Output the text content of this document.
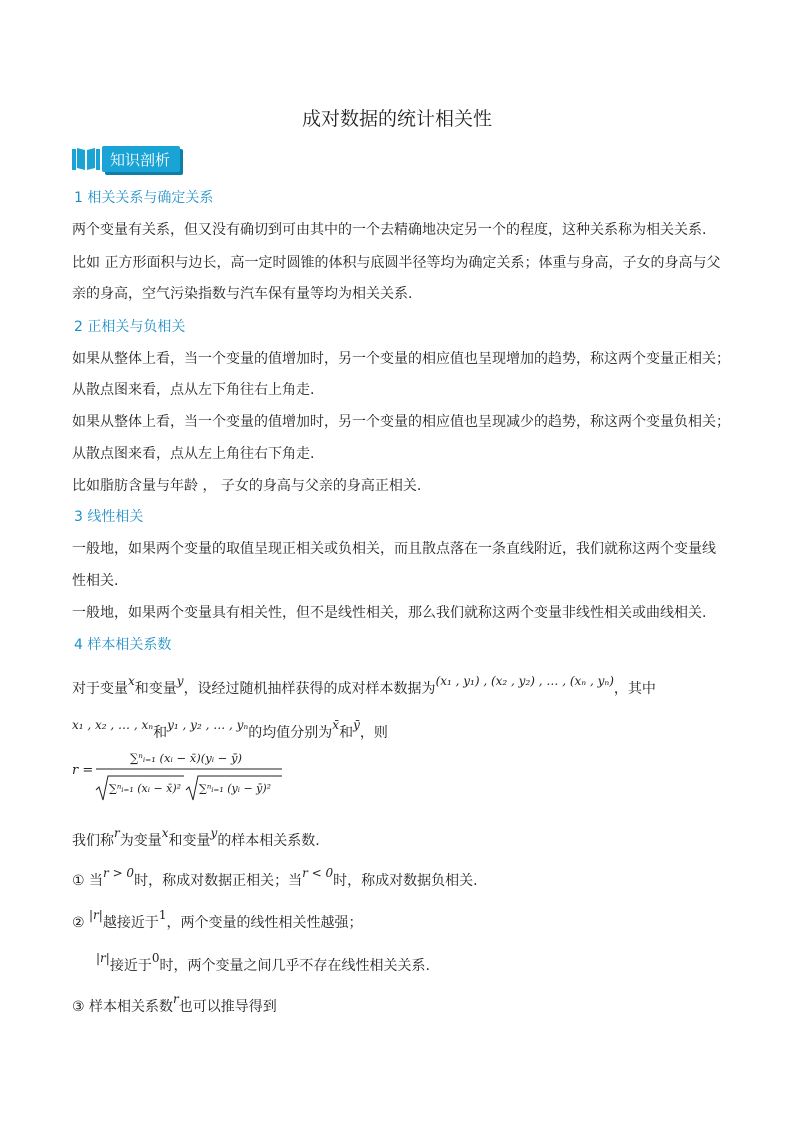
成对数据的统计相关性
知识剖析
1 相关关系与确定关系
两个变量有关系，但又没有确切到可由其中的一个去精确地决定另一个的程度，这种关系称为相关关系.
比如 正方形面积与边长，高一定时圆锥的体积与底圆半径等均为确定关系；体重与身高，子女的身高与父
亲的身高，空气污染指数与汽车保有量等均为相关关系.
2 正相关与负相关
如果从整体上看，当一个变量的值增加时，另一个变量的相应值也呈现增加的趋势，称这两个变量正相关；
从散点图来看，点从左下角往右上角走.
如果从整体上看，当一个变量的值增加时，另一个变量的相应值也呈现减少的趋势，称这两个变量负相关；
从散点图来看，点从左上角往右下角走.
比如脂肪含量与年龄 ， 子女的身高与父亲的身高正相关.
3 线性相关
一般地，如果两个变量的取值呈现正相关或负相关，而且散点落在一条直线附近，我们就称这两个变量线
性相关.
一般地，如果两个变量具有相关性，但不是线性相关，那么我们就称这两个变量非线性相关或曲线相关.
4 样本相关系数
对于变量x和变量y，设经过随机抽样获得的成对样本数据为(x₁ , y₁) , (x₂ , y₂) , … , (xₙ , yₙ)，其中
x₁ , x₂ , … , xₙ和y₁ , y₂ , … , yₙ的均值分别为x̄和ȳ，则
r =
∑ⁿᵢ₌₁ (xᵢ − x̄)(yᵢ − ȳ)
∑ⁿᵢ₌₁ (xᵢ − x̄)² ∑ⁿᵢ₌₁ (yᵢ − ȳ)²
我们称r为变量x和变量y的样本相关系数.
① 当r > 0时，称成对数据正相关；当r < 0时，称成对数据负相关.
② |r|越接近于1，两个变量的线性相关性越强；
|r|接近于0时，两个变量之间几乎不存在线性相关关系.
③ 样本相关系数r也可以推导得到
